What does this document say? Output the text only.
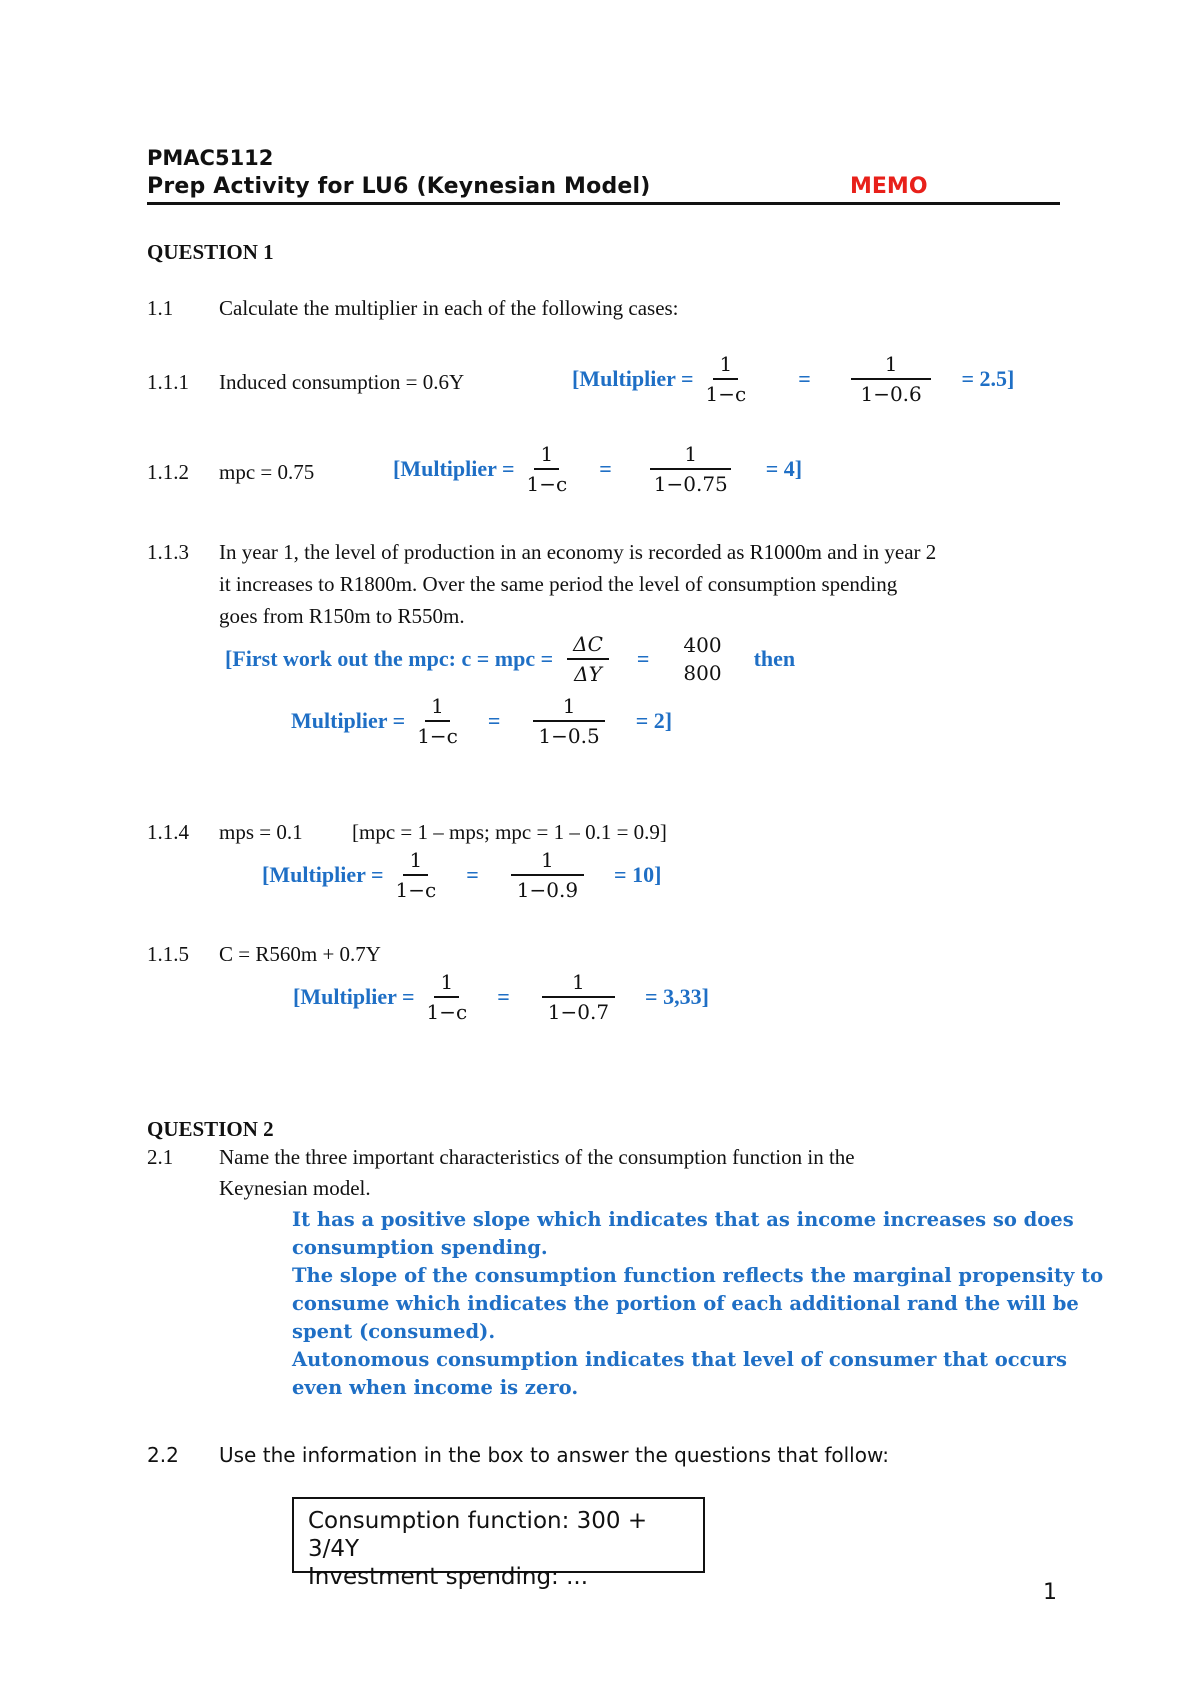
PMAC5112
Prep Activity for LU6 (Keynesian Model)	MEMO
QUESTION 1
1.1 Calculate the multiplier in each of the following cases:
1.1.1 Induced consumption = 0.6Y	[Multiplier = $\frac{1}{1-c} = \frac{1}{1-0.6} = 2.5$]
1.1.2 mpc = 0.75	[Multiplier = $\frac{1}{1-c} = \frac{1}{1-0.75} = 4$]
1.1.3 In year 1, the level of production in an economy is recorded as R1000m and in year 2
it increases to R1800m. Over the same period the level of consumption spending
goes from R150m to R550m.
[First work out the mpc: c = mpc = $\frac{\Delta C}{\Delta Y}$ =
400
800
then
Multiplier = $\frac{1}{1-c} = \frac{1}{1-0.5} = 2$]
1.1.4 mps = 0.1 [mpc = 1 – mps; mpc = 1 – 0.1 = 0.9]
[Multiplier = $\frac{1}{1-c} = \frac{1}{1-0.9} = 10$]
1.1.5 C = R560m + 0.7Y
[Multiplier = $\frac{1}{1-c} = \frac{1}{1-0.7} = 3,33$]
QUESTION 2
2.1 Name the three important characteristics of the consumption function in the
Keynesian model.
It has a positive slope which indicates that as income increases so does
consumption spending.
The slope of the consumption function reflects the marginal propensity to
consume which indicates the portion of each additional rand the will be
spent (consumed).
Autonomous consumption indicates that level of consumer that occurs
even when income is zero.
2.2 Use the information in the box to answer the questions that follow:
Consumption function: 300 + 3/4Y
Investment spending: ...
1
